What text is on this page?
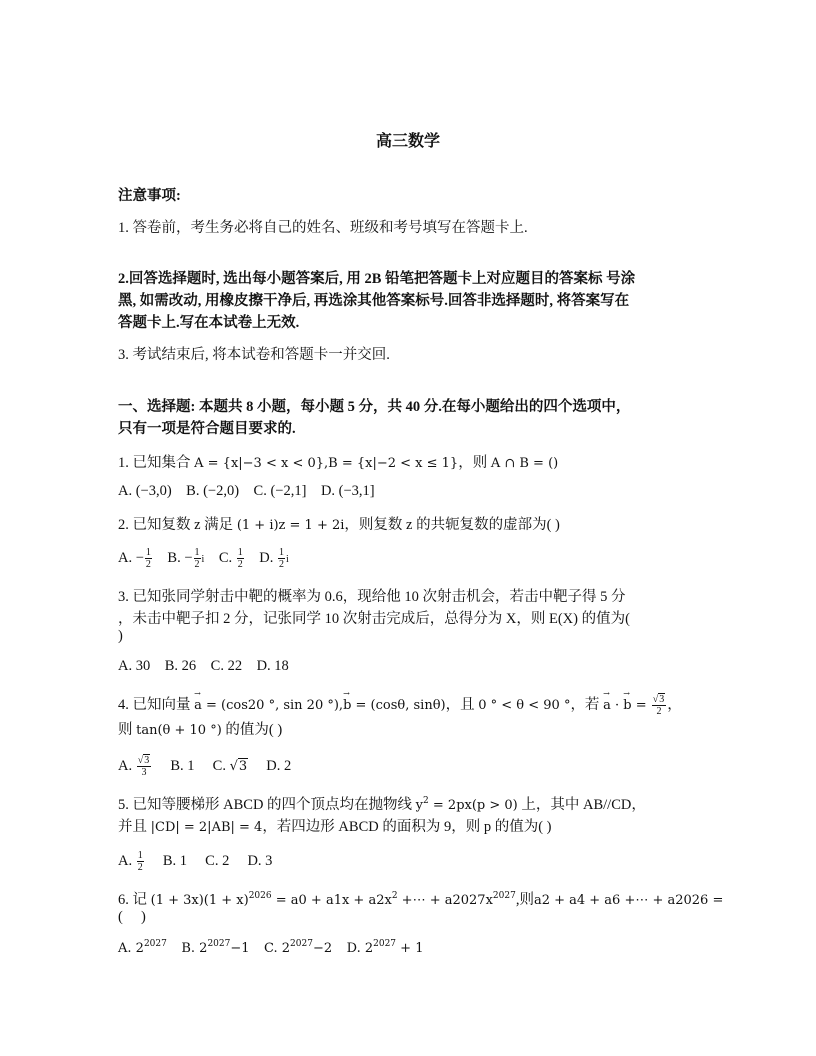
高三数学
注意事项:
1. 答卷前，考生务必将自己的姓名、班级和考号填写在答题卡上.
2.回答选择题时, 选出每小题答案后, 用 2B 铅笔把答题卡上对应题目的答案标 号涂
黑, 如需改动, 用橡皮擦干净后, 再选涂其他答案标号.回答非选择题时, 将答案写在
答题卡上.写在本试卷上无效.
3. 考试结束后, 将本试卷和答题卡一并交回.
一、选择题: 本题共 8 小题，每小题 5 分，共 40 分.在每小题给出的四个选项中，
只有一项是符合题目要求的.
1. 已知集合 A = {x|−3 < x < 0},B = {x|−2 < x ≤ 1}，则 A ∩ B = ()
A. (−3,0)    B. (−2,0)    C. (−2,1]    D. (−3,1]
2. 已知复数 z 满足 (1 + i)z = 1 + 2i，则复数 z 的共轭复数的虚部为( )
A. − $\frac{1}{2} B$. − $\frac{1}{2}$ i C. $\frac{1}{2} D$. $\frac{1}{2}$ i
3. 已知张同学射击中靶的概率为 0.6，现给他 10 次射击机会，若击中靶子得 5 分
，未击中靶子扣 2 分，记张同学 10 次射击完成后，总得分为 X，则 E(X) 的值为(
)
A. 30    B. 26    C. 22    D. 18
4. 已知向量 → a = (cos20 °, sin 20 °),→ b = (cosθ, sinθ)，且 0 ° < θ < 90 °，若 → a · → $b = \frac{√3}{2}$ ，
则 tan(θ + 10 °) 的值为( )
A. $\frac{√3}{3} B$. 1 C. √3 D. 2
5. 已知等腰梯形 ABCD 的四个顶点均在抛物线 $y^2 = 2px(p > 0)$ 上，其中 AB//CD，
并且 |CD| = 2|AB| = 4，若四边形 ABCD 的面积为 9，则 p 的值为( )
A. $\frac{1}{2} B$. 1     C. 2     D. 3
6. 记 $(1 + 3x)(1 + x)^{2026} = a0 + a1x + a2x^2$ +⋯ + $a2027x^{2027}$,则a2 + a4 + a6 +⋯ + a2026 =
(     )
A. $2^{2027}$ B. $2^{2027}-1$ C. $2^{2027}-2$ D. $2^{2027} + 1$
